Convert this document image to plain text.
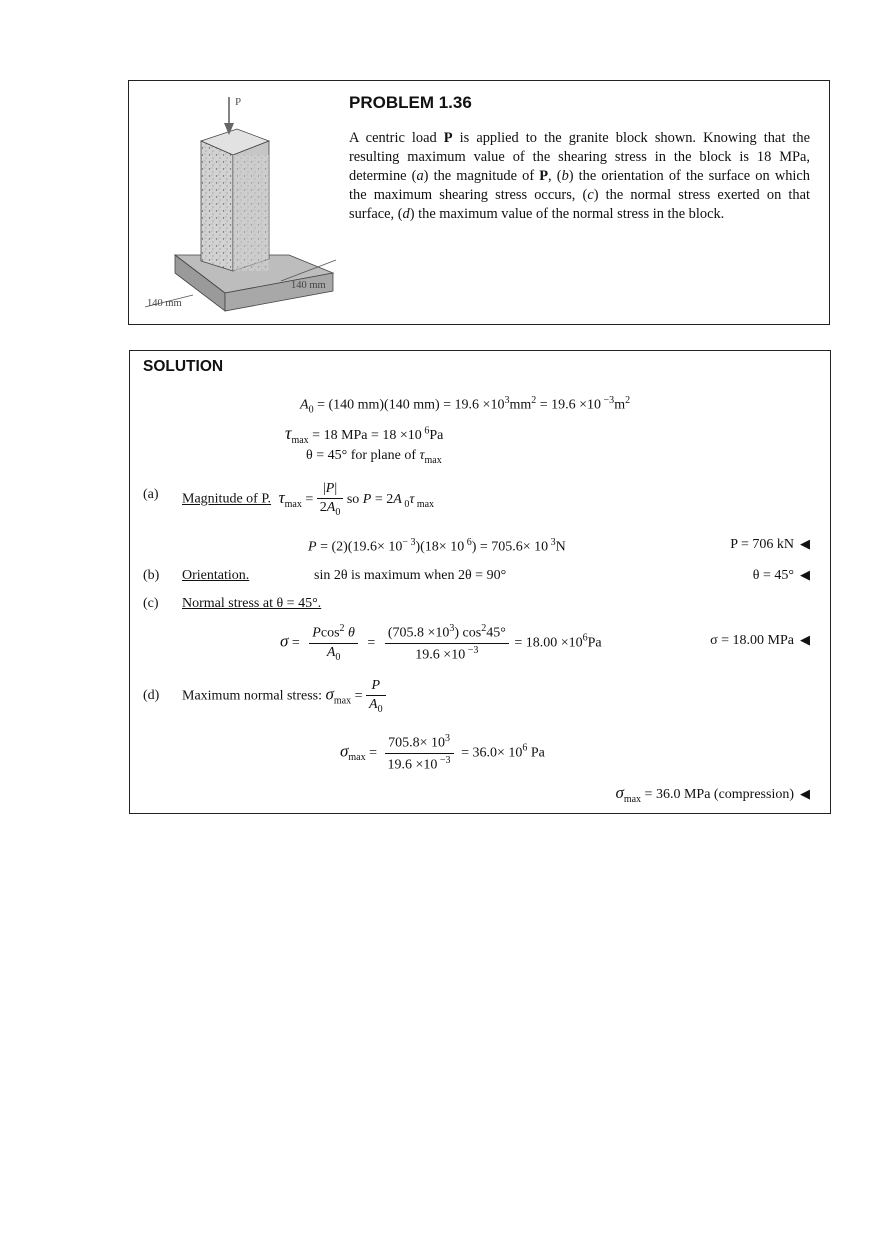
P
140 mm
140 mm
PROBLEM 1.36
A centric load P is applied to the granite block shown. Knowing that the resulting maximum value of the shearing stress in the block is 18 MPa, determine (a) the magnitude of P, (b) the orientation of the surface on which the maximum shearing stress occurs, (c) the normal stress exerted on that surface, (d) the maximum value of the normal stress in the block.
SOLUTION
$A_0 = (140$ mm)(140 $mm) = 19.6 \times 10^3mm^2 = 19.6 \times 10$ $^{-3}m^2$
$\tau_{max} = 18$ MPa = 18 ×10 $^6$Pa
θ = 45° for plane of $\tau_{max}$
(a) Magnitude of P. $\tau_{max} = \frac{|P|}{2A_0}$ so P = 2A $_0$τ $_{max}$
$P = (2)(19.6\times 10^{- 3})(18\times 10$ $^6$) = 705.6× 10 $^3$N	P = 706 kN ◀
(b) Orientation.	sin 2θ is maximum when 2θ = 90°	θ = 45° ◀
(c) Normal stress at θ = 45°.
$\sigma = \frac{Pcos^2 \theta}{A_0} = \frac{(705.8 \times 10^3) \cos^245^\circ}{19.6 \times 10 ^{-3}} = 18.00 \times 10^6Pa$	σ = 18.00 MPa ◀
(d) Maximum normal stress: $\sigma_{max} = \frac{P}{A_0}$
$\sigma_{max} = \frac{705.8\times 10^3}{19.6 \times 10 ^{-3}} = 36.0\times 10^6$ Pa
$\sigma_{max} = 36.0$ MPa (compression) ◀
